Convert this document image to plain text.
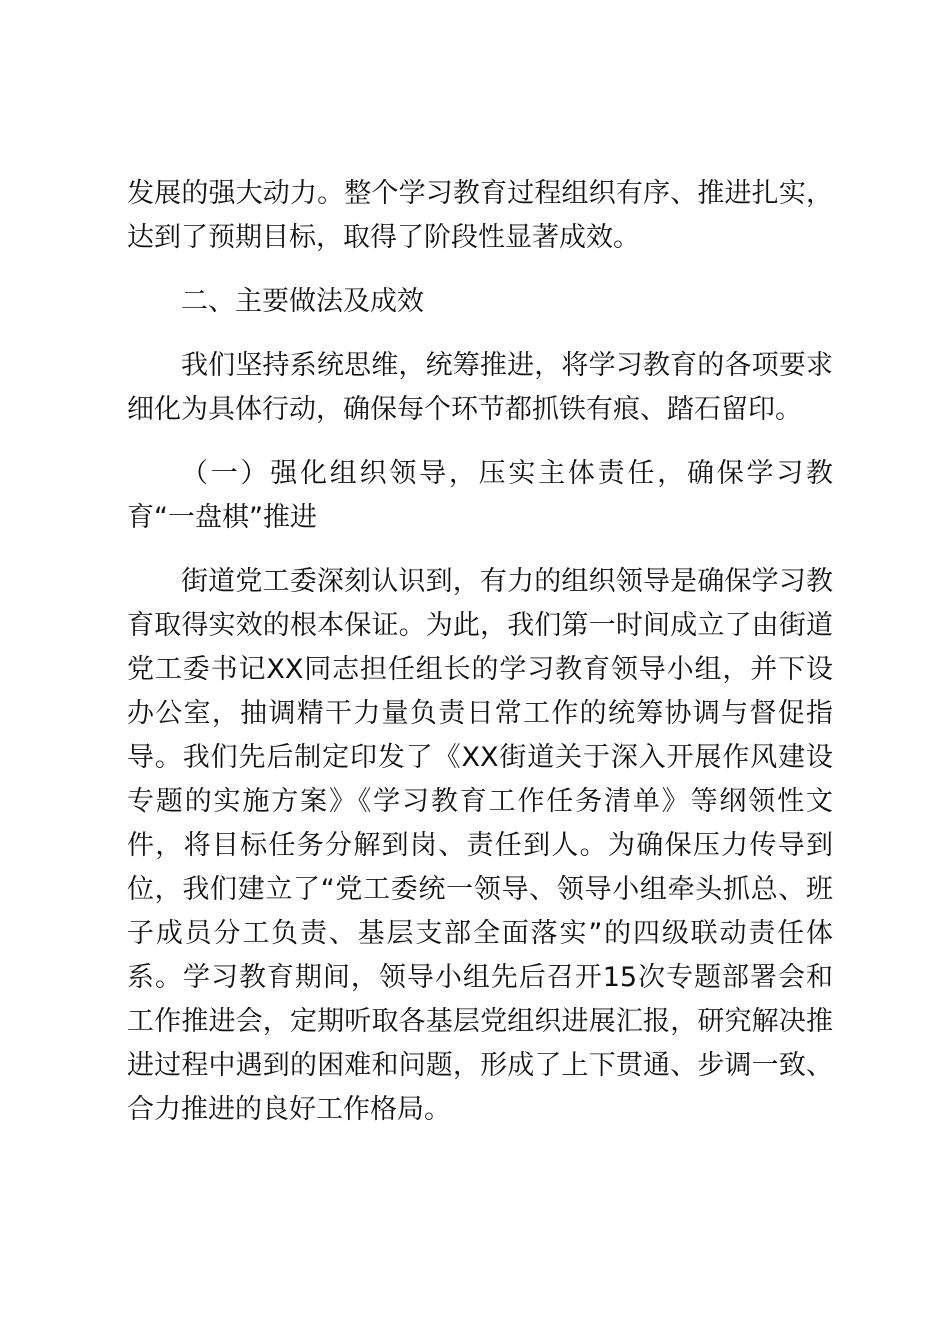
发展的强大动力。整个学习教育过程组织有序、推进扎实，达到了预期目标，取得了阶段性显著成效。

二、主要做法及成效

我们坚持系统思维，统筹推进，将学习教育的各项要求细化为具体行动，确保每个环节都抓铁有痕、踏石留印。

（一）强化组织领导，压实主体责任，确保学习教育“一盘棋”推进

街道党工委深刻认识到，有力的组织领导是确保学习教育取得实效的根本保证。为此，我们第一时间成立了由街道党工委书记XX同志担任组长的学习教育领导小组，并下设办公室，抽调精干力量负责日常工作的统筹协调与督促指导。我们先后制定印发了《XX街道关于深入开展作风建设专题的实施方案》《学习教育工作任务清单》等纲领性文件，将目标任务分解到岗、责任到人。为确保压力传导到位，我们建立了“党工委统一领导、领导小组牵头抓总、班子成员分工负责、基层支部全面落实”的四级联动责任体系。学习教育期间，领导小组先后召开15次专题部署会和工作推进会，定期听取各基层党组织进展汇报，研究解决推进过程中遇到的困难和问题，形成了上下贯通、步调一致、合力推进的良好工作格局。
